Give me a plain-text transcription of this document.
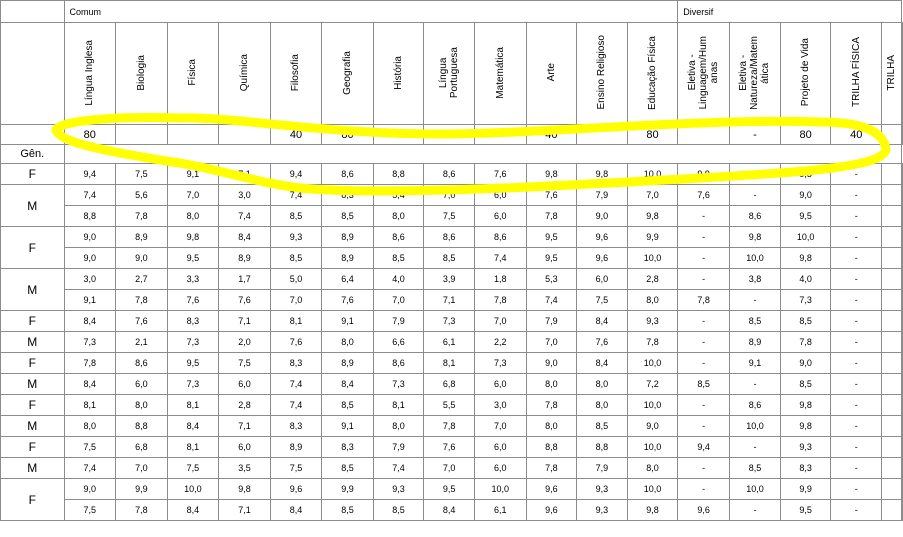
	Comum												Diversif					
	Língua Inglesa	Biologia	Física	Química	Filosofia	Geografia	História	Língua
Portuguesa	Matemática	Arte	Ensino Religioso	Educação Física	Eletiva -
Linguagem/Hum
anas	Eletiva -
Natureza/Matem
ática	Projeto de Vida	TRILHA FÍSICA	TRILHA	
	80				40	80		160		40		80		-	80	40		
Gên.																		
F	9,4	7,5	9,1	7,1	9,4	8,6	8,8	8,6	7,6	9,8	9,8	10,0	9,9	-	9,5	-		
M	7,4	5,6	7,0	3,0	7,4	8,3	5,4	7,0	6,0	7,6	7,9	7,0	7,6	-	9,0	-		
	8,8	7,8	8,0	7,4	8,5	8,5	8,0	7,5	6,0	7,8	9,0	9,8	-	8,6	9,5	-		
F	9,0	8,9	9,8	8,4	9,3	8,9	8,6	8,6	8,6	9,5	9,6	9,9	-	9,8	10,0	-		
	9,0	9,0	9,5	8,9	8,5	8,9	8,5	8,5	7,4	9,5	9,6	10,0	-	10,0	9,8	-		
M	3,0	2,7	3,3	1,7	5,0	6,4	4,0	3,9	1,8	5,3	6,0	2,8	-	3,8	4,0	-		
	9,1	7,8	7,6	7,6	7,0	7,6	7,0	7,1	7,8	7,4	7,5	8,0	7,8	-	7,3	-		
F	8,4	7,6	8,3	7,1	8,1	9,1	7,9	7,3	7,0	7,9	8,4	9,3	-	8,5	8,5	-		
M	7,3	2,1	7,3	2,0	7,6	8,0	6,6	6,1	2,2	7,0	7,6	7,8	-	8,9	7,8	-		
F	7,8	8,6	9,5	7,5	8,3	8,9	8,6	8,1	7,3	9,0	8,4	10,0	-	9,1	9,0	-		
M	8,4	6,0	7,3	6,0	7,4	8,4	7,3	6,8	6,0	8,0	8,0	7,2	8,5	-	8,5	-		
F	8,1	8,0	8,1	2,8	7,4	8,5	8,1	5,5	3,0	7,8	8,0	10,0	-	8,6	9,8	-		
M	8,0	8,8	8,4	7,1	8,3	9,1	8,0	7,8	7,0	8,0	8,5	9,0	-	10,0	9,8	-		
F	7,5	6,8	8,1	6,0	8,9	8,3	7,9	7,6	6,0	8,8	8,8	10,0	9,4	-	9,3	-		
M	7,4	7,0	7,5	3,5	7,5	8,5	7,4	7,0	6,0	7,8	7,9	8,0	-	8,5	8,3	-		
F	9,0	9,9	10,0	9,8	9,6	9,9	9,3	9,5	10,0	9,6	9,3	10,0	-	10,0	9,9	-		
	7,5	7,8	8,4	7,1	8,4	8,5	8,5	8,4	6,1	9,6	9,3	9,8	9,6	-	9,5	-		
